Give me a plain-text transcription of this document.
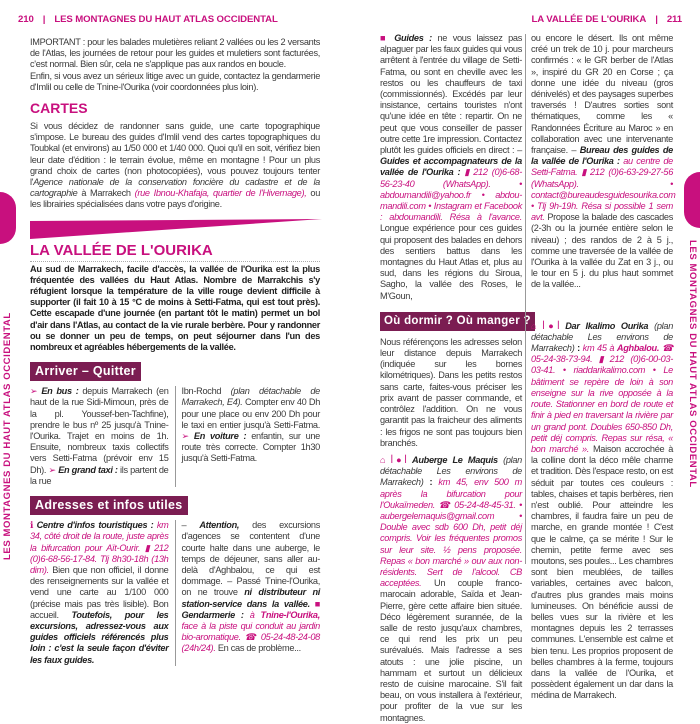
210 | LES MONTAGNES DU HAUT ATLAS OCCIDENTAL
LES MONTAGNES DU HAUT ATLAS OCCIDENTAL

IMPORTANT : pour les balades muletières reliant 2 vallées ou les 2 versants de l'Atlas, les journées de retour pour les guides et muletiers sont facturées, c'est normal. Bien sûr, cela ne s'applique pas aux randos en boucle.

Enfin, si vous avez un sérieux litige avec un guide, contactez la gendarmerie d'Imlil ou celle de Tnine-l'Ourika (voir coordonnées plus loin).

CARTES

Si vous décidez de randonner sans guide, une carte topographique s'impose. Le bureau des guides d'Imlil vend des cartes topographiques du Toubkal (et environs) au 1/50 000 et 1/40 000. Quoi qu'il en soit, vérifiez bien leur date d'édition : le terrain évolue, même en montagne ! Pour un plus grand choix de cartes (non photocopiées), vous pouvez toujours tenter l'Agence nationale de la conservation foncière du cadastre et de la cartographie à Marrakech (rue Ibnou-Khafaja, quartier de l'Hivernage), ou les librairies spécialisées dans votre pays d'origine.

LA VALLÉE DE L'OURIKA

Au sud de Marrakech, facile d'accès, la vallée de l'Ourika est la plus fréquentée des vallées du Haut Atlas. Nombre de Marrakchis s'y réfugient lorsque la température de la ville rouge devient difficile à supporter (il fait 10 à 15 °C de moins à Setti-Fatma, qui est tout près). Cette escapade d'une journée (en partant tôt le matin) permet un bol d'air dans l'Atlas, au contact de la vie rurale berbère. Pour y randonner ou se donner un peu de temps, on peut séjourner dans l'un des nombreux et agréables hébergements de la vallée.

Arriver – Quitter

➢ En bus : depuis Marrakech (en haut de la rue Sidi-Mimoun, près de la pl. Youssef-ben-Tachfine), prendre le bus nº 25 jusqu'à Tnine-l'Ourika. Trajet en moins de 1h. Ensuite, nombreux taxis collectifs vers Setti-Fatma (prévoir env 15 Dh). ➢ En grand taxi : ils partent de la rue

Ibn-Rochd (plan détachable de Marrakech, E4). Compter env 40 Dh pour une place ou env 200 Dh pour le taxi en entier jusqu'à Setti-Fatma. ➢ En voiture : enfantin, sur une route très correcte. Compter 1h30 jusqu'à Setti-Fatma.

Adresses et infos utiles

ℹ Centre d'infos touristiques : km 34, côté droit de la route, juste après la bifurcation pour Aït-Ourir. ▮ 212 (0)6-68-56-17-84. Tlj 8h30-18h (13h dim). Bien que non officiel, il donne des renseignements sur la vallée et vend une carte au 1/100 000 (précise mais pas très lisible). Bon accueil. Toutefois, pour les excursions, adressez-vous aux guides officiels référencés plus loin : c'est la seule façon d'éviter les faux guides.

– Attention, des excursions d'agences se contentent d'une courte halte dans une auberge, le temps de déjeuner, sans aller au-delà d'Aghbalou, ce qui est dommage. – Passé Tnine-l'Ourika, on ne trouve ni distributeur ni station-service dans la vallée. ■ Gendarmerie : à Tnine-l'Ourika, face à la piste qui conduit au jardin bio-aromatique. ☎ 05-24-48-24-08 (24h/24). En cas de problème...

LA VALLÉE DE L'OURIKA | 211
LES MONTAGNES DU HAUT ATLAS OCCIDENTAL

■ Guides : ne vous laissez pas alpaguer par les faux guides qui vous arrêtent à l'entrée du village de Setti-Fatma, ou sont en cheville avec les restos ou les chauffeurs de taxi (commissionnés). Excédés par leur insistance, certains touristes n'ont qu'une idée en tête : repartir. On ne peut que vous conseiller de passer outre cette 1re impression. Contactez plutôt les guides officiels en direct : – Guides et accompagnateurs de la vallée de l'Ourika : ▮ 212 (0)6-68-56-23-40 (WhatsApp). • abdoumandili@yahoo.fr • abdou-mandili.com • Instagram et Facebook : abdoumandili. Résa à l'avance. Longue expérience pour ces guides qui proposent des balades en dehors des sentiers battus dans les montagnes du Haut Atlas et, plus au sud, dans les régions du Siroua, Sagho, la vallée des Roses, le M'Goun,

Où dormir ? Où manger ?

Nous référençons les adresses selon leur distance depuis Marrakech (indiquée sur les bornes kilométriques). Dans les petits restos sans carte, faites-vous préciser les prix avant de passer commande, et contrôlez l'addition. On ne vous garantit pas la fraicheur des aliments : les frigos ne sont pas toujours bien branchés.

⌂ ꟾ●ꟾ Auberge Le Maquis (plan détachable Les environs de Marrakech) : km 45, env 500 m après la bifurcation pour l'Oukaïmeden. ☎ 05-24-48-45-31. • aubergelemaquis@gmail.com • Double avec sdb 600 Dh, petit déj compris. Voir les fréquentes promos sur leur site. ½ pens proposée. Repas « bon marché » ouv aux non-résidents. Sert de l'alcool. CB acceptées. Un couple franco-marocain adorable, Saïda et Jean-Pierre, gère cette affaire bien située. Déco légèrement surannée, de la salle de resto jusqu'aux chambres, ce qui rend les prix un peu surévalués. Mais l'adresse a ses atouts : une jolie piscine, un hammam et surtout un délicieux resto de cuisine marocaine. S'il fait beau, on vous installera à l'extérieur, pour profiter de la vue sur les montagnes.

ou encore le désert. Ils ont même créé un trek de 10 j. pour marcheurs confirmés : « le GR berber de l'Atlas », inspiré du GR 20 en Corse ; ça donne une idée du niveau (gros dénivelés) et des paysages superbes traversés ! D'autres sorties sont thématiques, comme les « Randonnées Écriture au Maroc » en collaboration avec une intervenante française. – Bureau des guides de la vallée de l'Ourika : au centre de Setti-Fatma. ▮ 212 (0)6-63-29-27-56 (WhatsApp). • contact@bureaudesguidesourika.com • Tlj 9h-19h. Résa si possible 1 sem avt. Propose la balade des cascades (2-3h ou la journée entière selon le niveau) ; des randos de 2 à 5 j., comme une traversée de la vallée de l'Ourika à la vallée du Zat en 3 j., ou le tour en 5 j. du plus haut sommet de la vallée...

⌂ ꟾ●ꟾ Dar Ikalimo Ourika (plan détachable Les environs de Marrakech) : km 45 à Aghbalou. ☎ 05-24-38-73-94. ▮ 212 (0)6-00-03-03-41. • riaddarikalimo.com • Le bâtiment se repère de loin à son enseigne sur la rive opposée à la route. Stationner en bord de route et finir à pied en traversant la rivière par un grand pont. Doubles 650-850 Dh, petit déj compris. Repas sur résa, « bon marché ». Maison accrochée à la colline dont la déco mêle charme et tradition. Dès l'espace resto, on est séduit par toutes ces couleurs : tables, chaises et tapis berbères, rien n'est oublié. Pour atteindre les chambres, il faudra faire un peu de marche, en grande montée ! C'est que le calme, ça se mérite ! Sur le chemin, petite ferme avec ses moutons, ses poules... Les chambres sont bien meublées, de tailles variables, certaines avec balcon, d'autres plus grandes mais moins lumineuses. On bénéficie aussi de belles vues sur la rivière et les montagnes depuis les 2 terrasses communes. L'ensemble est calme et bien tenu. Les proprios proposent de belles chambres à la ferme, toujours dans la vallée de l'Ourika, et possèdent également un dar dans la médina de Marrakech.
